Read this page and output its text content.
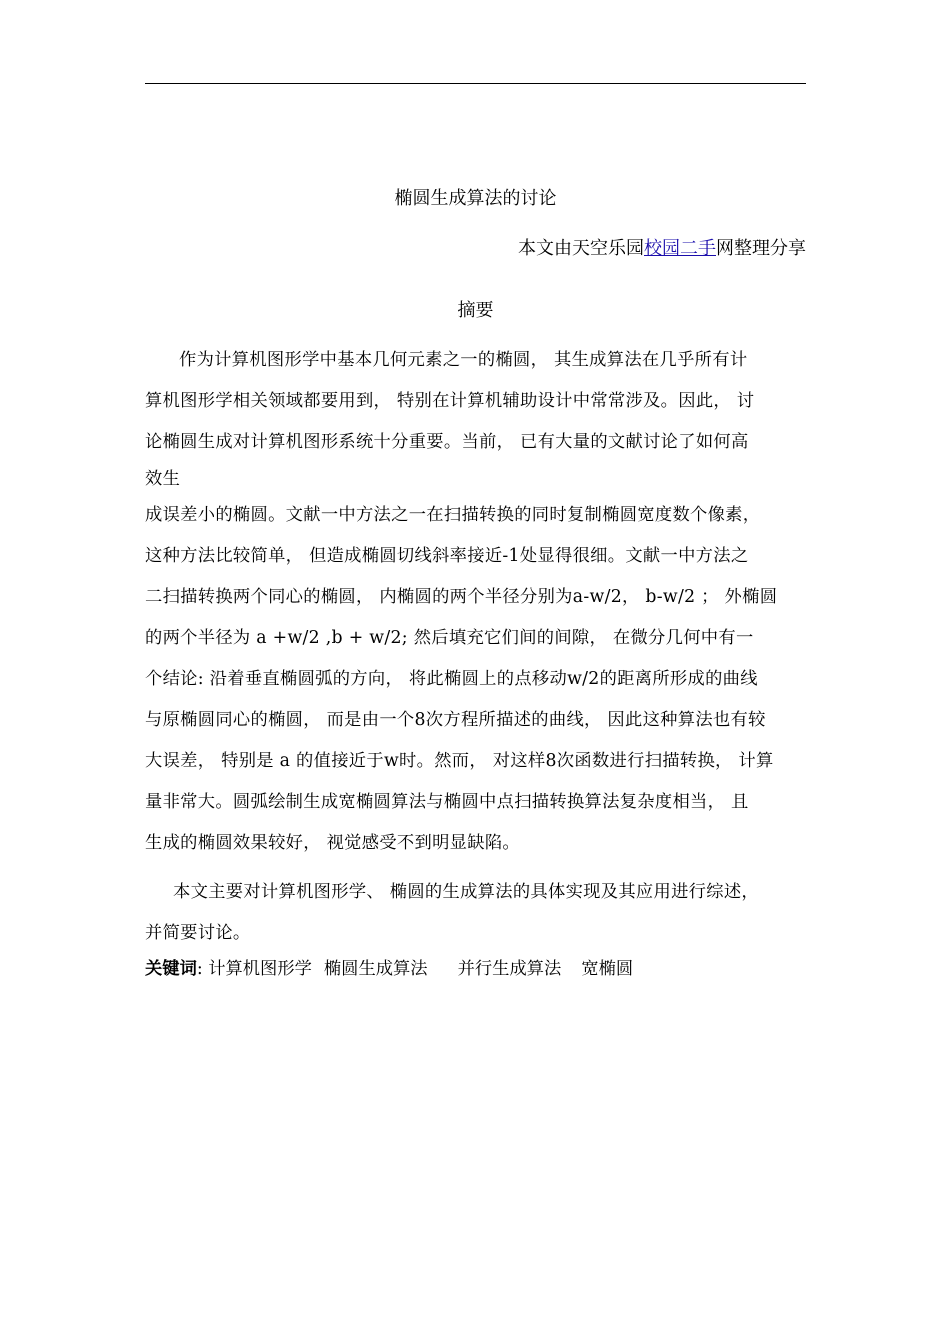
椭圆生成算法的讨论
本文由天空乐园校园二手网整理分享
摘要
作为计算机图形学中基本几何元素之一的椭圆， 其生成算法在几乎所有计
算机图形学相关领域都要用到， 特别在计算机辅助设计中常常涉及。因此， 讨
论椭圆生成对计算机图形系统十分重要。当前， 已有大量的文献讨论了如何高
效生
成误差小的椭圆。文献一中方法之一在扫描转换的同时复制椭圆宽度数个像素，
这种方法比较简单， 但造成椭圆切线斜率接近-1处显得很细。文献一中方法之
二扫描转换两个同心的椭圆， 内椭圆的两个半径分别为a-w/2， b-w/2 ； 外椭圆
的两个半径为 a +w/2 ,b + w/2; 然后填充它们间的间隙， 在微分几何中有一
个结论: 沿着垂直椭圆弧的方向， 将此椭圆上的点移动w/2的距离所形成的曲线
与原椭圆同心的椭圆， 而是由一个8次方程所描述的曲线， 因此这种算法也有较
大误差， 特别是 a 的值接近于w时。然而， 对这样8次函数进行扫描转换， 计算
量非常大。圆弧绘制生成宽椭圆算法与椭圆中点扫描转换算法复杂度相当， 且
生成的椭圆效果较好， 视觉感受不到明显缺陷。
本文主要对计算机图形学、 椭圆的生成算法的具体实现及其应用进行综述，
并简要讨论。
关键词: 计算机图形学 椭圆生成算法 并行生成算法 宽椭圆
